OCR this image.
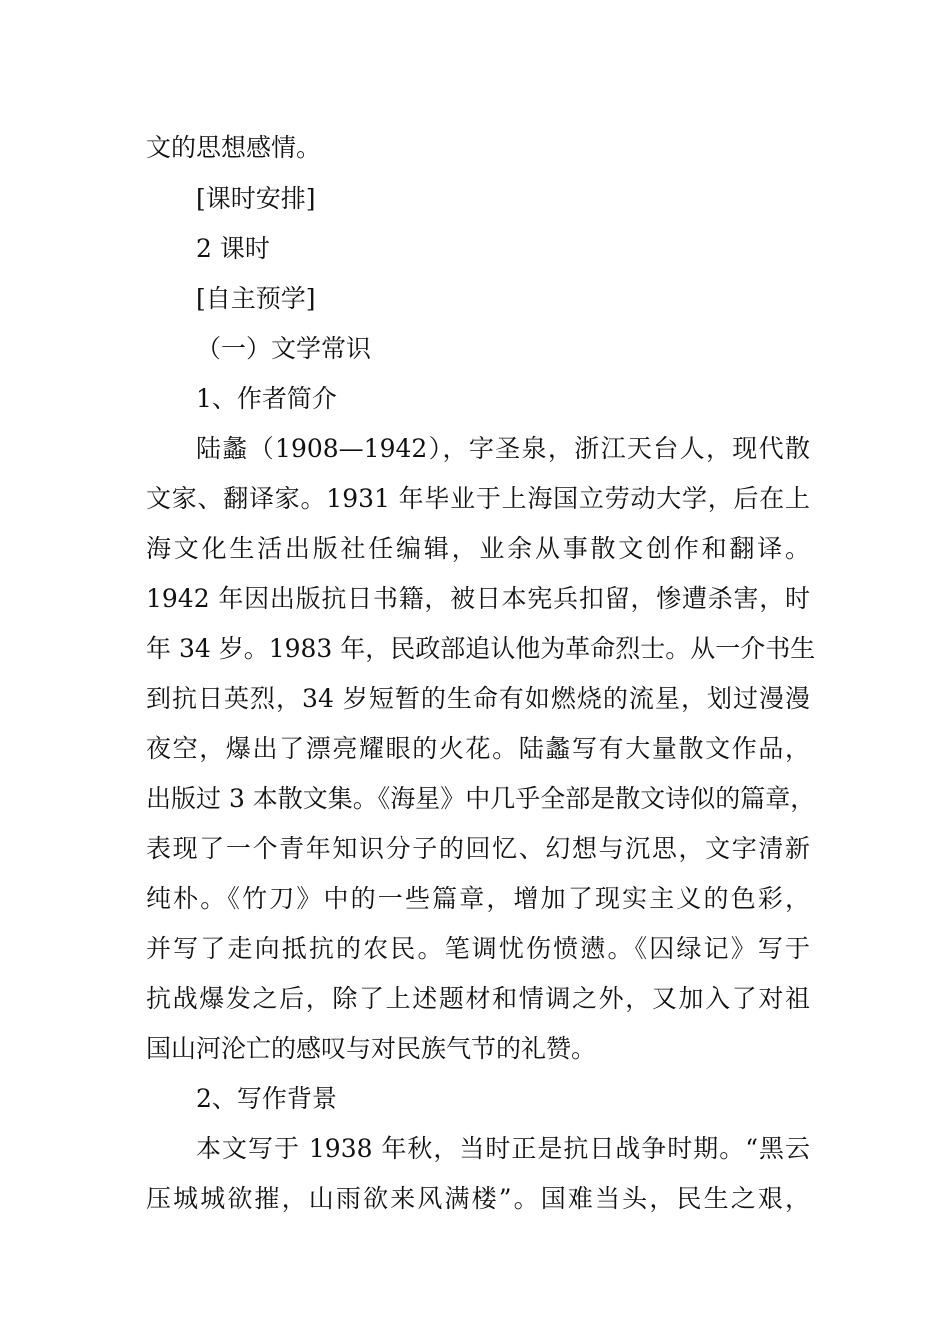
文的思想感情。
[课时安排]
2 课时
[自主预学]
（一）文学常识
1、作者简介
陆蠡（1908—1942），字圣泉，浙江天台人，现代散
文家、翻译家。1931 年毕业于上海国立劳动大学，后在上
海文化生活出版社任编辑，业余从事散文创作和翻译。
1942 年因出版抗日书籍，被日本宪兵扣留，惨遭杀害，时
年 34 岁。1983 年，民政部追认他为革命烈士。从一介书生
到抗日英烈，34 岁短暂的生命有如燃烧的流星，划过漫漫
夜空，爆出了漂亮耀眼的火花。陆蠡写有大量散文作品，
出版过 3 本散文集。《海星》中几乎全部是散文诗似的篇章，
表现了一个青年知识分子的回忆、幻想与沉思，文字清新
纯朴。《竹刀》中的一些篇章，增加了现实主义的色彩，
并写了走向抵抗的农民。笔调忧伤愤懑。《囚绿记》写于
抗战爆发之后，除了上述题材和情调之外，又加入了对祖
国山河沦亡的感叹与对民族气节的礼赞。
2、写作背景
本文写于 1938 年秋，当时正是抗日战争时期。“黑云
压城城欲摧，山雨欲来风满楼”。国难当头，民生之艰，
